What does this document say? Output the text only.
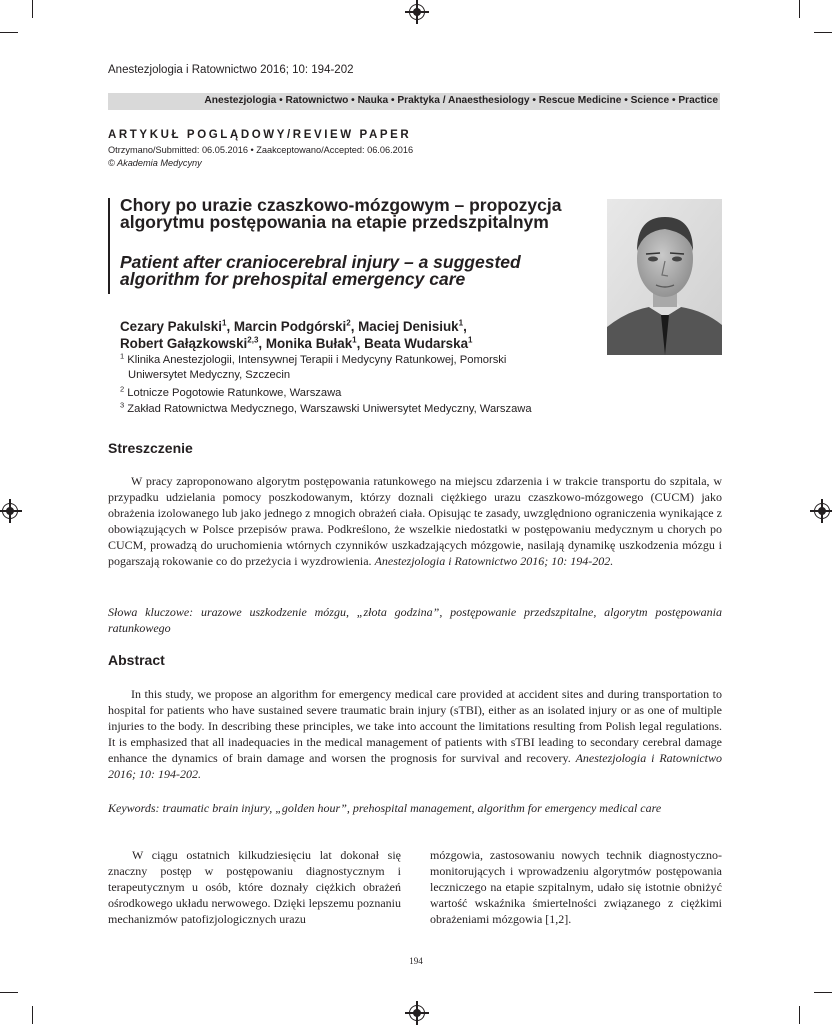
Anestezjologia i Ratownictwo 2016; 10: 194-202
Anestezjologia • Ratownictwo • Nauka • Praktyka / Anaesthesiology • Rescue Medicine • Science • Practice
ARTYKUŁ POGLĄDOWY/REVIEW PAPER
Otrzymano/Submitted: 06.05.2016 • Zaakceptowano/Accepted: 06.06.2016
© Akademia Medycyny
Chory po urazie czaszkowo-mózgowym – propozycja algorytmu postępowania na etapie przedszpitalnym
Patient after craniocerebral injury – a suggested algorithm for prehospital emergency care
Cezary Pakulski$^1$, Marcin Podgórski$^2$, Maciej Denisiuk$^1$,
Robert Gałązkowski$^{2,3}$, Monika Bułak$^1$, Beata Wudarska$^1$
$^1$ Klinika Anestezjologii, Intensywnej Terapii i Medycyny Ratunkowej, Pomorski
Uniwersytet Medyczny, Szczecin
$^2$ Lotnicze Pogotowie Ratunkowe, Warszawa
$^3$ Zakład Ratownictwa Medycznego, Warszawski Uniwersytet Medyczny, Warszawa
Streszczenie
W pracy zaproponowano algorytm postępowania ratunkowego na miejscu zdarzenia i w trakcie transportu do szpitala, w przypadku udzielania pomocy poszkodowanym, którzy doznali ciężkiego urazu czaszkowo-mózgowego (CUCM) jako obrażenia izolowanego lub jako jednego z mnogich obrażeń ciała. Opisując te zasady, uwzględniono ograniczenia wynikające z obowiązujących w Polsce przepisów prawa. Podkreślono, że wszelkie niedostatki w postępowaniu medycznym u chorych po CUCM, prowadzą do uruchomienia wtórnych czynników uszkadzających mózgowie, nasilają dynamikę uszkodzenia mózgu i pogarszają rokowanie co do przeżycia i wyzdrowienia. Anestezjologia i Ratownictwo 2016; 10: 194-202.
Słowa kluczowe: urazowe uszkodzenie mózgu, „złota godzina”, postępowanie przedszpitalne, algorytm postępowania ratunkowego
Abstract
In this study, we propose an algorithm for emergency medical care provided at accident sites and during transportation to hospital for patients who have sustained severe traumatic brain injury (sTBI), either as an isolated injury or as one of multiple injuries to the body. In describing these principles, we take into account the limitations resulting from Polish legal regulations. It is emphasized that all inadequacies in the medical management of patients with sTBI leading to secondary cerebral damage enhance the dynamics of brain damage and worsen the prognosis for survival and recovery. Anestezjologia i Ratownictwo 2016; 10: 194-202.
Keywords: traumatic brain injury, „golden hour”, prehospital management, algorithm for emergency medical care
W ciągu ostatnich kilkudziesięciu lat dokonał się znaczny postęp w postępowaniu diagnostycznym i terapeutycznym u osób, które doznały ciężkich obrażeń ośrodkowego układu nerwowego. Dzięki lepszemu poznaniu mechanizmów patofizjologicznych urazu
mózgowia, zastosowaniu nowych technik diagnostyczno-monitorujących i wprowadzeniu algorytmów postępowania leczniczego na etapie szpitalnym, udało się istotnie obniżyć wartość wskaźnika śmiertelności związanego z ciężkimi obrażeniami mózgowia [1,2].
194
